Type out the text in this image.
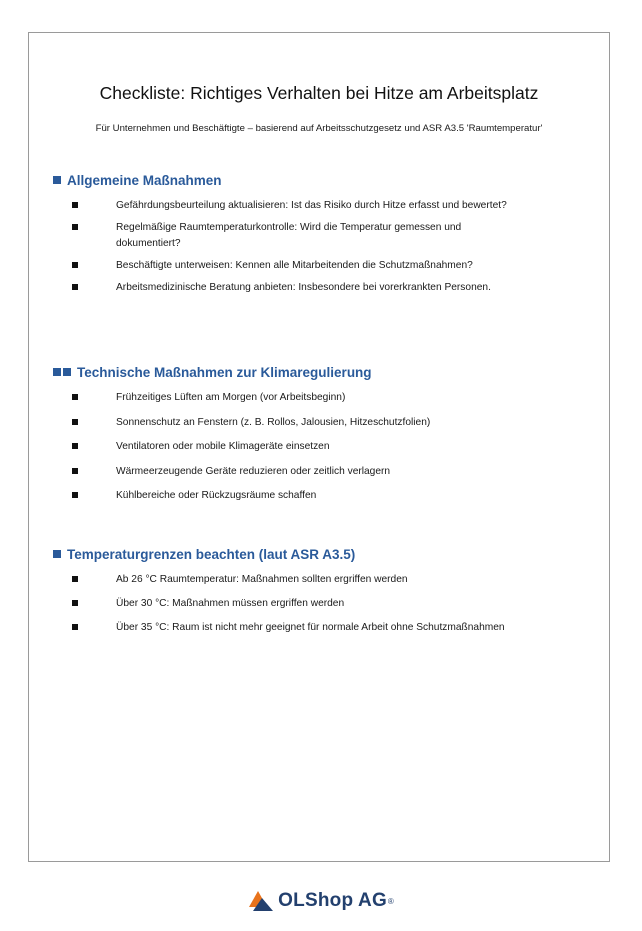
Checkliste: Richtiges Verhalten bei Hitze am Arbeitsplatz
Für Unternehmen und Beschäftigte – basierend auf Arbeitsschutzgesetz und ASR A3.5 'Raumtemperatur'
Allgemeine Maßnahmen
Gefährdungsbeurteilung aktualisieren: Ist das Risiko durch Hitze erfasst und bewertet?
Regelmäßige Raumtemperaturkontrolle: Wird die Temperatur gemessen und dokumentiert?
Beschäftigte unterweisen: Kennen alle Mitarbeitenden die Schutzmaßnahmen?
Arbeitsmedizinische Beratung anbieten: Insbesondere bei vorerkrankten Personen.
Technische Maßnahmen zur Klimaregulierung
Frühzeitiges Lüften am Morgen (vor Arbeitsbeginn)
Sonnenschutz an Fenstern (z. B. Rollos, Jalousien, Hitzeschutzfolien)
Ventilatoren oder mobile Klimageräte einsetzen
Wärmeerzeugende Geräte reduzieren oder zeitlich verlagern
Kühlbereiche oder Rückzugsräume schaffen
Temperaturgrenzen beachten (laut ASR A3.5)
Ab 26 °C Raumtemperatur: Maßnahmen sollten ergriffen werden
Über 30 °C: Maßnahmen müssen ergriffen werden
Über 35 °C: Raum ist nicht mehr geeignet für normale Arbeit ohne Schutzmaßnahmen
OLShop AG ®
